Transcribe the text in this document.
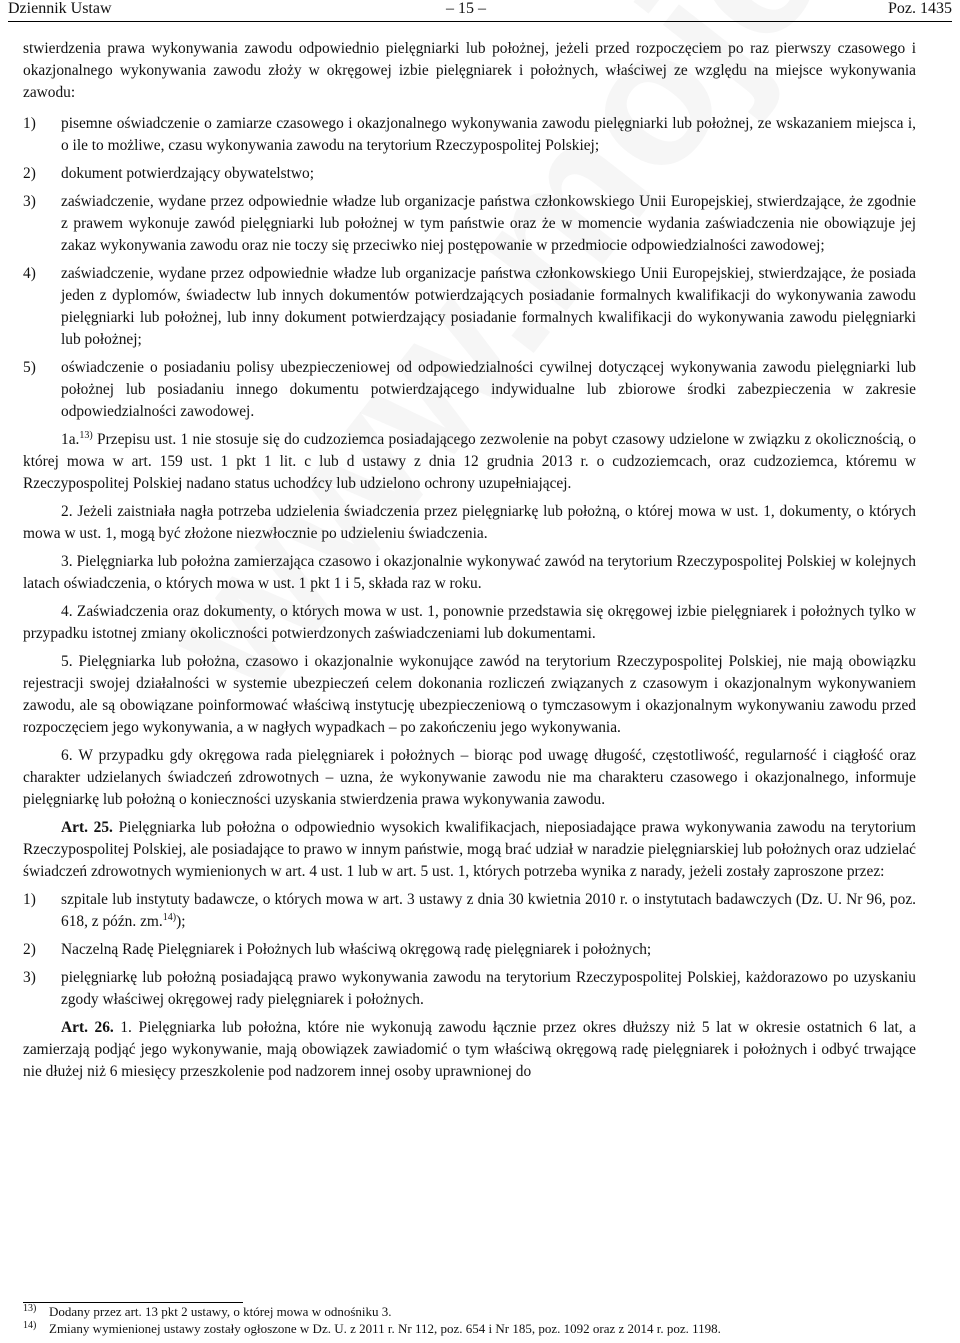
Dziennik Ustaw	– 15 –	Poz. 1435

stwierdzenia prawa wykonywania zawodu odpowiednio pielęgniarki lub położnej, jeżeli przed rozpoczęciem po raz pierwszy czasowego i okazjonalnego wykonywania zawodu złoży w okręgowej izbie pielęgniarek i położnych, właściwej ze względu na miejsce wykonywania zawodu:

1) pisemne oświadczenie o zamiarze czasowego i okazjonalnego wykonywania zawodu pielęgniarki lub położnej, ze wskazaniem miejsca i, o ile to możliwe, czasu wykonywania zawodu na terytorium Rzeczypospolitej Polskiej;

2) dokument potwierdzający obywatelstwo;

3) zaświadczenie, wydane przez odpowiednie władze lub organizacje państwa członkowskiego Unii Europejskiej, stwierdzające, że zgodnie z prawem wykonuje zawód pielęgniarki lub położnej w tym państwie oraz że w momencie wydania zaświadczenia nie obowiązuje jej zakaz wykonywania zawodu oraz nie toczy się przeciwko niej postępowanie w przedmiocie odpowiedzialności zawodowej;

4) zaświadczenie, wydane przez odpowiednie władze lub organizacje państwa członkowskiego Unii Europejskiej, stwierdzające, że posiada jeden z dyplomów, świadectw lub innych dokumentów potwierdzających posiadanie formalnych kwalifikacji do wykonywania zawodu pielęgniarki lub położnej, lub inny dokument potwierdzający posiadanie formalnych kwalifikacji do wykonywania zawodu pielęgniarki lub położnej;

5) oświadczenie o posiadaniu polisy ubezpieczeniowej od odpowiedzialności cywilnej dotyczącej wykonywania zawodu pielęgniarki lub położnej lub posiadaniu innego dokumentu potwierdzającego indywidualne lub zbiorowe środki zabezpieczenia w zakresie odpowiedzialności zawodowej.

1a.$^{13)}$ Przepisu ust. 1 nie stosuje się do cudzoziemca posiadającego zezwolenie na pobyt czasowy udzielone w związku z okolicznością, o której mowa w art. 159 ust. 1 pkt 1 lit. c lub d ustawy z dnia 12 grudnia 2013 r. o cudzoziemcach, oraz cudzoziemca, któremu w Rzeczypospolitej Polskiej nadano status uchodźcy lub udzielono ochrony uzupełniającej.

2. Jeżeli zaistniała nagła potrzeba udzielenia świadczenia przez pielęgniarkę lub położną, o której mowa w ust. 1, dokumenty, o których mowa w ust. 1, mogą być złożone niezwłocznie po udzieleniu świadczenia.

3. Pielęgniarka lub położna zamierzająca czasowo i okazjonalnie wykonywać zawód na terytorium Rzeczypospolitej Polskiej w kolejnych latach oświadczenia, o których mowa w ust. 1 pkt 1 i 5, składa raz w roku.

4. Zaświadczenia oraz dokumenty, o których mowa w ust. 1, ponownie przedstawia się okręgowej izbie pielęgniarek i położnych tylko w przypadku istotnej zmiany okoliczności potwierdzonych zaświadczeniami lub dokumentami.

5. Pielęgniarka lub położna, czasowo i okazjonalnie wykonujące zawód na terytorium Rzeczypospolitej Polskiej, nie mają obowiązku rejestracji swojej działalności w systemie ubezpieczeń celem dokonania rozliczeń związanych z czasowym i okazjonalnym wykonywaniem zawodu, ale są obowiązane poinformować właściwą instytucję ubezpieczeniową o tymczasowym i okazjonalnym wykonywaniu zawodu przed rozpoczęciem jego wykonywania, a w nagłych wypadkach – po zakończeniu jego wykonywania.

6. W przypadku gdy okręgowa rada pielęgniarek i położnych – biorąc pod uwagę długość, częstotliwość, regularność i ciągłość oraz charakter udzielanych świadczeń zdrowotnych – uzna, że wykonywanie zawodu nie ma charakteru czasowego i okazjonalnego, informuje pielęgniarkę lub położną o konieczności uzyskania stwierdzenia prawa wykonywania zawodu.

Art. 25. Pielęgniarka lub położna o odpowiednio wysokich kwalifikacjach, nieposiadające prawa wykonywania zawodu na terytorium Rzeczypospolitej Polskiej, ale posiadające to prawo w innym państwie, mogą brać udział w naradzie pielęgniarskiej lub położnych oraz udzielać świadczeń zdrowotnych wymienionych w art. 4 ust. 1 lub w art. 5 ust. 1, których potrzeba wynika z narady, jeżeli zostały zaproszone przez:

1) szpitale lub instytuty badawcze, o których mowa w art. 3 ustawy z dnia 30 kwietnia 2010 r. o instytutach badawczych (Dz. U. Nr 96, poz. 618, z późn. zm.$^{14)}$);

2) Naczelną Radę Pielęgniarek i Położnych lub właściwą okręgową radę pielęgniarek i położnych;

3) pielęgniarkę lub położną posiadającą prawo wykonywania zawodu na terytorium Rzeczypospolitej Polskiej, każdorazowo po uzyskaniu zgody właściwej okręgowej rady pielęgniarek i położnych.

Art. 26. 1. Pielęgniarka lub położna, które nie wykonują zawodu łącznie przez okres dłuższy niż 5 lat w okresie ostatnich 6 lat, a zamierzają podjąć jego wykonywanie, mają obowiązek zawiadomić o tym właściwą okręgową radę pielęgniarek i położnych i odbyć trwające nie dłużej niż 6 miesięcy przeszkolenie pod nadzorem innej osoby uprawnionej do

13) Dodany przez art. 13 pkt 2 ustawy, o której mowa w odnośniku 3.
14) Zmiany wymienionej ustawy zostały ogłoszone w Dz. U. z 2011 r. Nr 112, poz. 654 i Nr 185, poz. 1092 oraz z 2014 r. poz. 1198.
